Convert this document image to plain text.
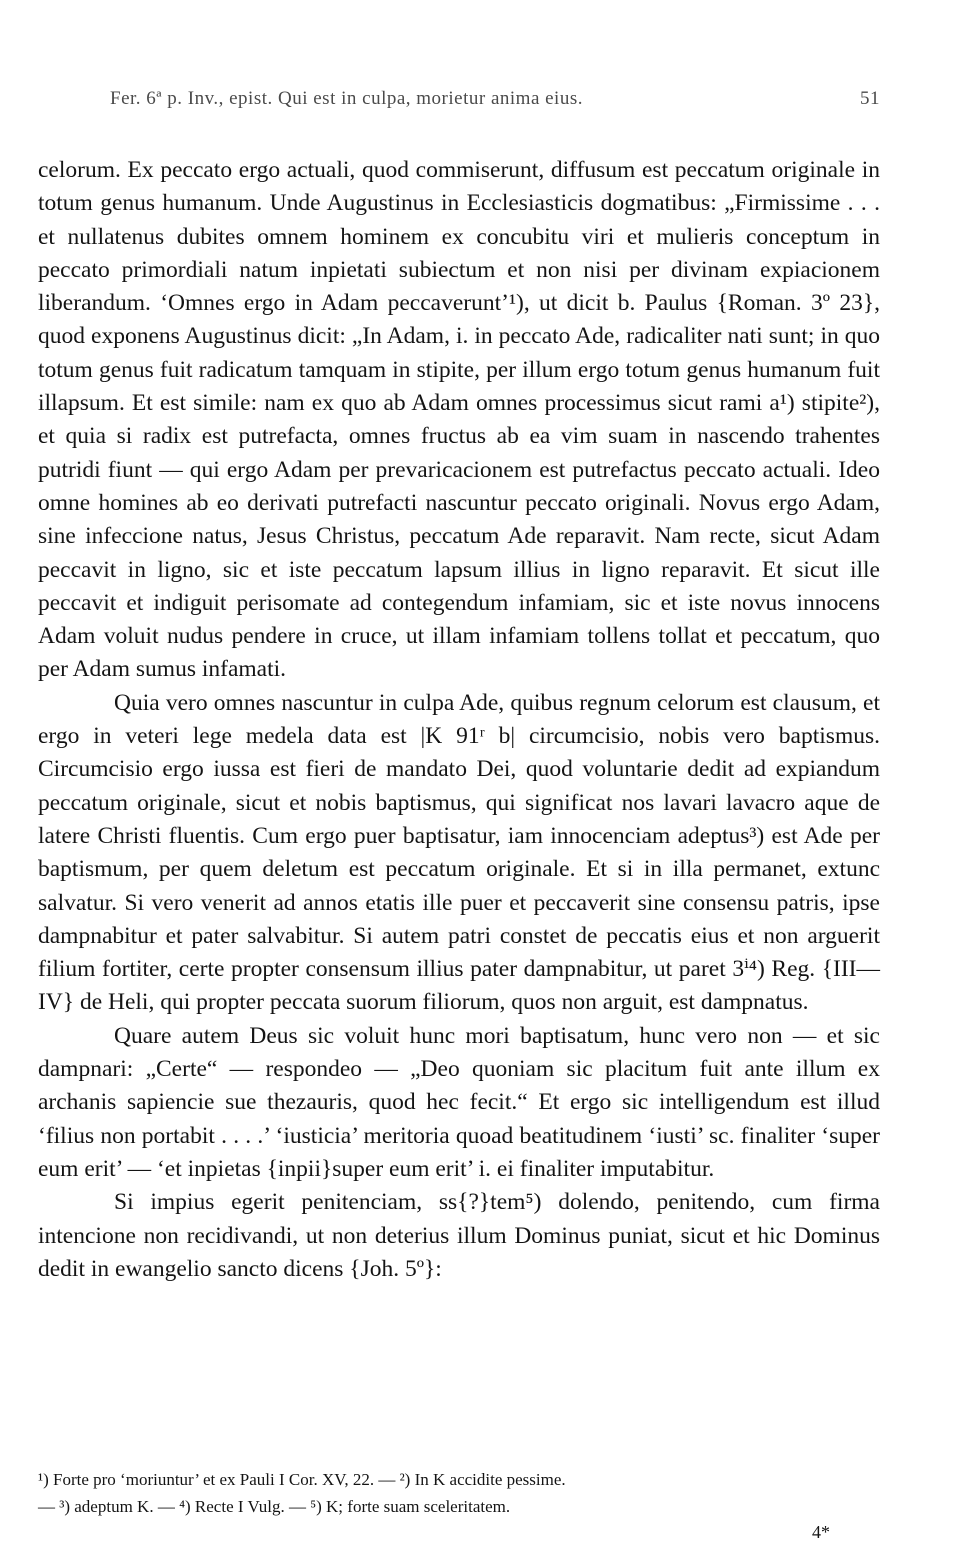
Fer. 6ª p. Inv., epist. Qui est in culpa, morietur anima eius.	51

celorum. Ex peccato ergo actuali, quod commiserunt, diffusum est peccatum originale in totum genus humanum. Unde Augustinus in Ecclesiasticis dogmatibus: „Firmissime . . . et nullatenus dubites omnem hominem ex concubitu viri et mulieris conceptum in peccato primordiali natum inpietati subiectum et non nisi per divinam expiacionem liberandum. ‘Omnes ergo in Adam peccaverunt’¹), ut dicit b. Paulus {Roman. 3º 23}, quod exponens Augustinus dicit: „In Adam, i. in peccato Ade, radicaliter nati sunt; in quo totum genus fuit radicatum tamquam in stipite, per illum ergo totum genus humanum fuit illapsum. Et est simile: nam ex quo ab Adam omnes processimus sicut rami a¹) stipite²), et quia si radix est putrefacta, omnes fructus ab ea vim suam in nascendo trahentes putridi fiunt — qui ergo Adam per prevaricacionem est putrefactus peccato actuali. Ideo omne homines ab eo derivati putrefacti nascuntur peccato originali. Novus ergo Adam, sine infeccione natus, Jesus Christus, peccatum Ade reparavit. Nam recte, sicut Adam peccavit in ligno, sic et iste peccatum lapsum illius in ligno reparavit. Et sicut ille peccavit et indiguit perisomate ad contegendum infamiam, sic et iste novus innocens Adam voluit nudus pendere in cruce, ut illam infamiam tollens tollat et peccatum, quo per Adam sumus infamati.

Quia vero omnes nascuntur in culpa Ade, quibus regnum celorum est clausum, et ergo in veteri lege medela data est |K 91ʳ b| circumcisio, nobis vero baptismus. Circumcisio ergo iussa est fieri de mandato Dei, quod voluntarie dedit ad expiandum peccatum originale, sicut et nobis baptismus, qui significat nos lavari lavacro aque de latere Christi fluentis. Cum ergo puer baptisatur, iam innocenciam adeptus³) est Ade per baptismum, per quem deletum est peccatum originale. Et si in illa permanet, extunc salvatur. Si vero venerit ad annos etatis ille puer et peccaverit sine consensu patris, ipse dampnabitur et pater salvabitur. Si autem patri constet de peccatis eius et non arguerit filium fortiter, certe propter consensum illius pater dampnabitur, ut paret 3ⁱ⁴) Reg. {III—IV} de Heli, qui propter peccata suorum filiorum, quos non arguit, est dampnatus.

Quare autem Deus sic voluit hunc mori baptisatum, hunc vero non — et sic dampnari: „Certe“ — respondeo — „Deo quoniam sic placitum fuit ante illum ex archanis sapiencie sue thezauris, quod hec fecit.“ Et ergo sic intelligendum est illud ‘filius non portabit . . . .’ ‘iusticia’ meritoria quoad beatitudinem ‘iusti’ sc. finaliter ‘super eum erit’ — ‘et inpietas {inpii}super eum erit’ i. ei finaliter imputabitur.

Si impius egerit penitenciam, ss{?}tem⁵) dolendo, penitendo, cum firma intencione non recidivandi, ut non deterius illum Dominus puniat, sicut et hic Dominus dedit in ewangelio sancto dicens {Joh. 5º}:

¹) Forte pro ‘moriuntur’ et ex Pauli I Cor. XV, 22. — ²) In K accidite pessime.
— ³) adeptum K. — ⁴) Recte I Vulg. — ⁵) K; forte suam sceleritatem.
4*
